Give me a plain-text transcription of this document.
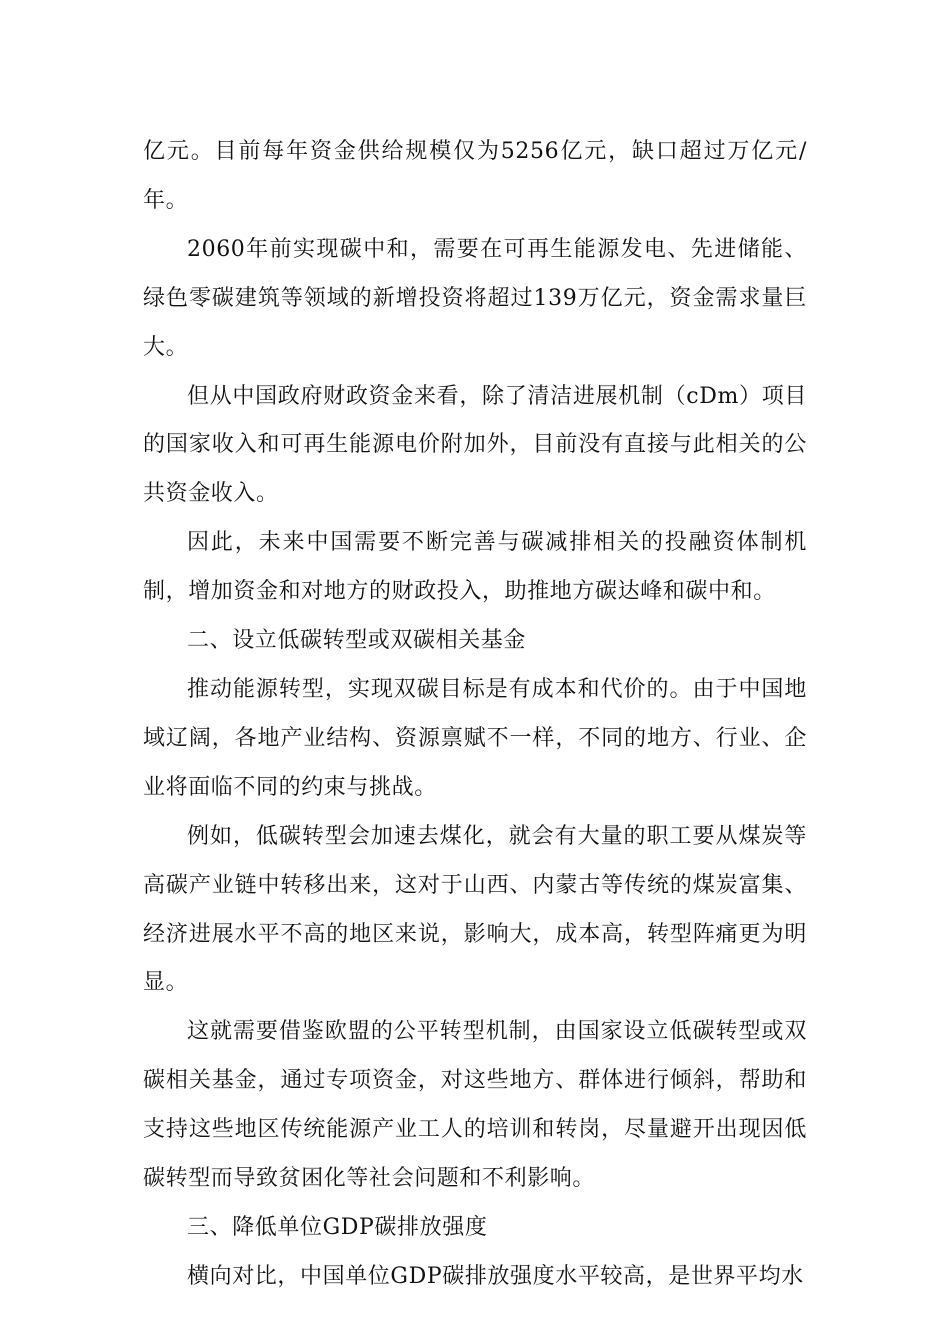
亿元。目前每年资金供给规模仅为5256亿元，缺口超过万亿元/年。

2060年前实现碳中和，需要在可再生能源发电、先进储能、绿色零碳建筑等领域的新增投资将超过139万亿元，资金需求量巨大。

但从中国政府财政资金来看，除了清洁进展机制（cDm）项目的国家收入和可再生能源电价附加外，目前没有直接与此相关的公共资金收入。

因此，未来中国需要不断完善与碳减排相关的投融资体制机制，增加资金和对地方的财政投入，助推地方碳达峰和碳中和。

二、设立低碳转型或双碳相关基金

推动能源转型，实现双碳目标是有成本和代价的。由于中国地域辽阔，各地产业结构、资源禀赋不一样，不同的地方、行业、企业将面临不同的约束与挑战。

例如，低碳转型会加速去煤化，就会有大量的职工要从煤炭等高碳产业链中转移出来，这对于山西、内蒙古等传统的煤炭富集、经济进展水平不高的地区来说，影响大，成本高，转型阵痛更为明显。

这就需要借鉴欧盟的公平转型机制，由国家设立低碳转型或双碳相关基金，通过专项资金，对这些地方、群体进行倾斜，帮助和支持这些地区传统能源产业工人的培训和转岗，尽量避开出现因低碳转型而导致贫困化等社会问题和不利影响。

三、降低单位GDP碳排放强度

横向对比，中国单位GDP碳排放强度水平较高，是世界平均水
